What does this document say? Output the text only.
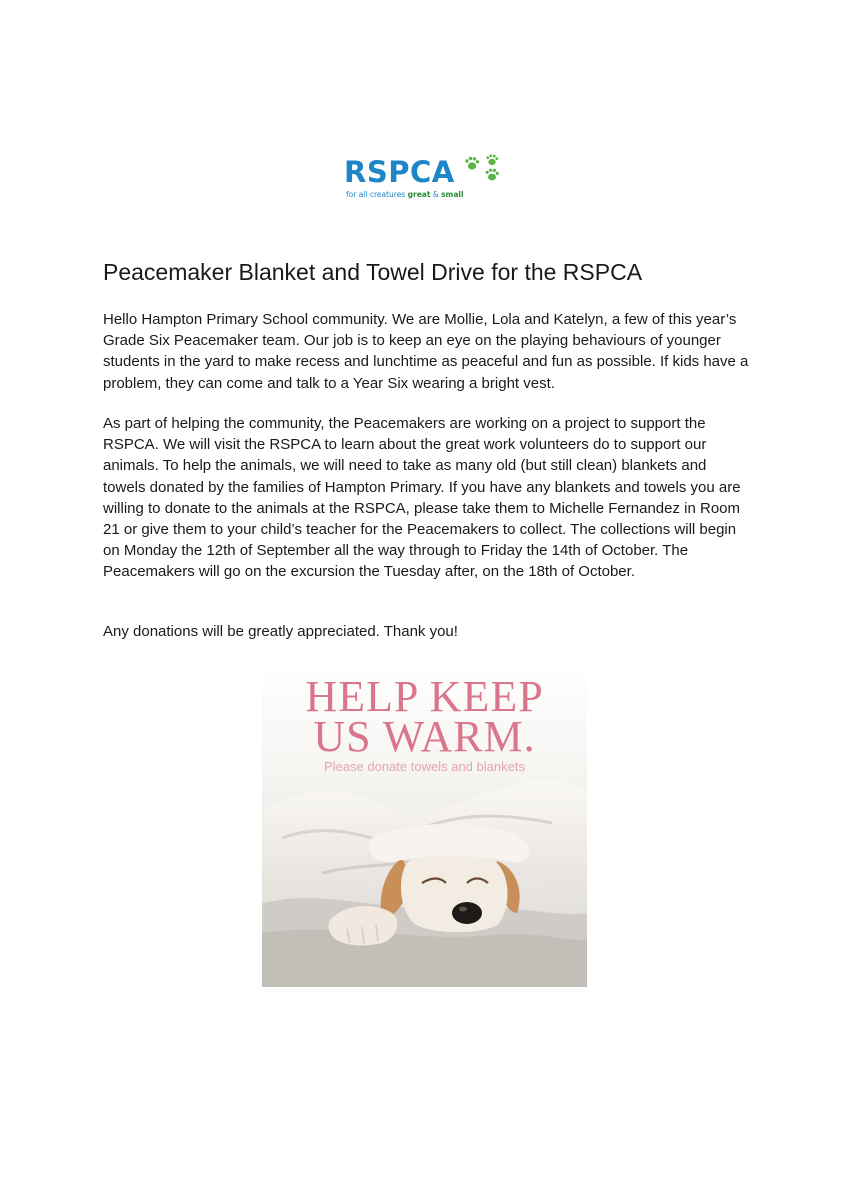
RSPCA
for all creatures great & small
Peacemaker Blanket and Towel Drive for the RSPCA

Hello Hampton Primary School community. We are Mollie, Lola and Katelyn, a few of this year’s Grade Six Peacemaker team. Our job is to keep an eye on the playing behaviours of younger students in the yard to make recess and lunchtime as peaceful and fun as possible. If kids have a problem, they can come and talk to a Year Six wearing a bright vest.

As part of helping the community, the Peacemakers are working on a project to support the RSPCA. We will visit the RSPCA to learn about the great work volunteers do to support our animals. To help the animals, we will need to take as many old (but still clean) blankets and towels donated by the families of Hampton Primary. If you have any blankets and towels you are willing to donate to the animals at the RSPCA, please take them to Michelle Fernandez in Room 21 or give them to your child’s teacher for the Peacemakers to collect. The collections will begin on Monday the 12th of September all the way through to Friday the 14th of October. The Peacemakers will go on the excursion the Tuesday after, on the 18th of October.

Any donations will be greatly appreciated. Thank you!

HELP KEEP

US WARM.

Please donate towels and blankets
